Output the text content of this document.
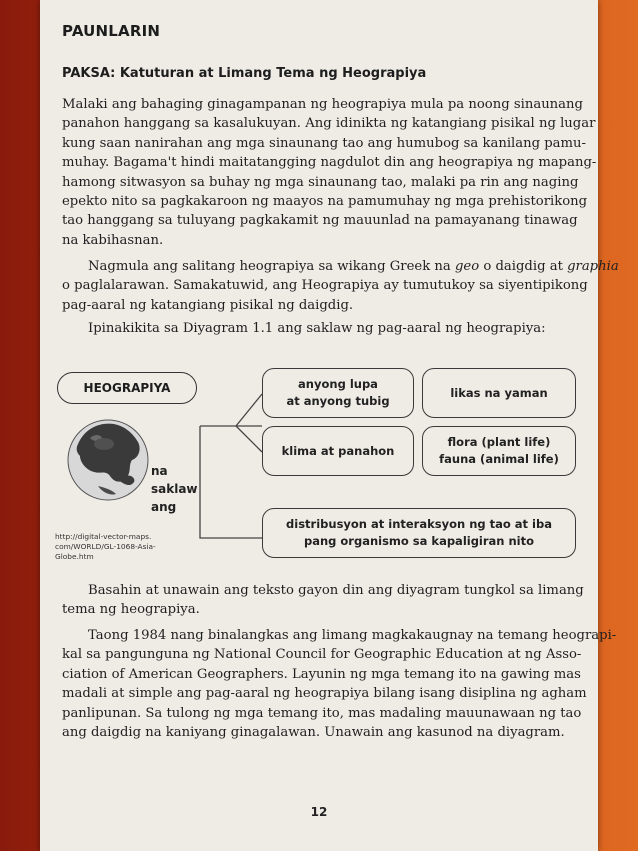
PAUNLARIN
PAKSA: Katuturan at Limang Tema ng Heograpiya
Malaki ang bahaging ginagampanan ng heograpiya mula pa noong sinaunang
panahon hanggang sa kasalukuyan. Ang idinikta ng katangiang pisikal ng lugar
kung saan nanirahan ang mga sinaunang tao ang humubog sa kanilang pamu-
muhay. Bagama't hindi maitatangging nagdulot din ang heograpiya ng mapang-
hamong sitwasyon sa buhay ng mga sinaunang tao, malaki pa rin ang naging
epekto nito sa pagkakaroon ng maayos na pamumuhay ng mga prehistorikong
tao hanggang sa tuluyang pagkakamit ng mauunlad na pamayanang tinawag
na kabihasnan.
Nagmula ang salitang heograpiya sa wikang Greek na geo o daigdig at graphia
o paglalarawan. Samakatuwid, ang Heograpiya ay tumutukoy sa siyentipikong
pag-aaral ng katangiang pisikal ng daigdig.
Ipinakikita sa Diyagram 1.1 ang saklaw ng pag-aaral ng heograpiya:
HEOGRAPIYA
na
saklaw
ang
http://digital-vector-maps.
com/WORLD/GL-1068-Asia-
Globe.htm
anyong lupa
at anyong tubig
likas na yaman
klima at panahon
flora (plant life)
fauna (animal life)
distribusyon at interaksyon ng tao at iba
pang organismo sa kapaligiran nito
Basahin at unawain ang teksto gayon din ang diyagram tungkol sa limang
tema ng heograpiya.
Taong 1984 nang binalangkas ang limang magkakaugnay na temang heograpi-
kal sa pangunguna ng National Council for Geographic Education at ng Asso-
ciation of American Geographers. Layunin ng mga temang ito na gawing mas
madali at simple ang pag-aaral ng heograpiya bilang isang disiplina ng agham
panlipunan. Sa tulong ng mga temang ito, mas madaling mauunawaan ng tao
ang daigdig na kaniyang ginagalawan. Unawain ang kasunod na diyagram.
12
